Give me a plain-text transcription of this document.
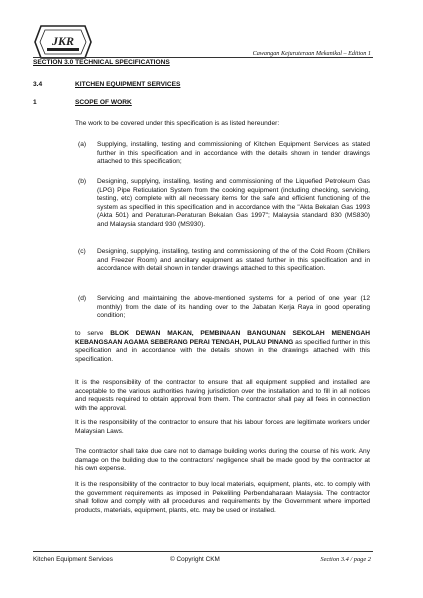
JKR
Cawangan Kejuruteraan Mekanikal – Edition 1
SECTION 3.0 TECHNICAL SPECIFICATIONS
3.4	KITCHEN EQUIPMENT SERVICES
1	SCOPE OF WORK
The work to be covered under this specification is as listed hereunder:
(a) Supplying, installing, testing and commissioning of Kitchen Equipment Services as stated further in this specification and in accordance with the details shown in tender drawings attached to this specification;
(b) Designing, supplying, installing, testing and commissioning of the Liquefied Petroleum Gas (LPG) Pipe Reticulation System from the cooking equipment (including checking, servicing, testing, etc) complete with all necessary items for the safe and efficient functioning of the system as specified in this specification and in accordance with the "Akta Bekalan Gas 1993 (Akta 501) and Peraturan-Peraturan Bekalan Gas 1997"; Malaysia standard 830 (MS830) and Malaysia standard 930 (MS930).
(c) Designing, supplying, installing, testing and commissioning of the of the Cold Room (Chillers and Freezer Room) and ancillary equipment as stated further in this specification and in accordance with detail shown in tender drawings attached to this specification.
(d) Servicing and maintaining the above-mentioned systems for a period of one year (12 monthly) from the date of its handing over to the Jabatan Kerja Raya in good operating condition;
to serve BLOK DEWAN MAKAN, PEMBINAAN BANGUNAN SEKOLAH MENENGAH KEBANGSAAN AGAMA SEBERANG PERAI TENGAH, PULAU PINANG as specified further in this specification and in accordance with the details shown in the drawings attached with this specification.
It is the responsibility of the contractor to ensure that all equipment supplied and installed are acceptable to the various authorities having jurisdiction over the installation and to fill in all notices and requests required to obtain approval from them. The contractor shall pay all fees in connection with the approval.
It is the responsibility of the contractor to ensure that his labour forces are legitimate workers under Malaysian Laws.
The contractor shall take due care not to damage building works during the course of his work. Any damage on the building due to the contractors' negligence shall be made good by the contractor at his own expense.
It is the responsibility of the contractor to buy local materials, equipment, plants, etc. to comply with the government requirements as imposed in Pekeliling Perbendaharaan Malaysia. The contractor shall follow and comply with all procedures and requirements by the Government where imported products, materials, equipment, plants, etc. may be used or installed.
Kitchen Equipment Services	© Copyright CKM	Section 3.4 / page 2
